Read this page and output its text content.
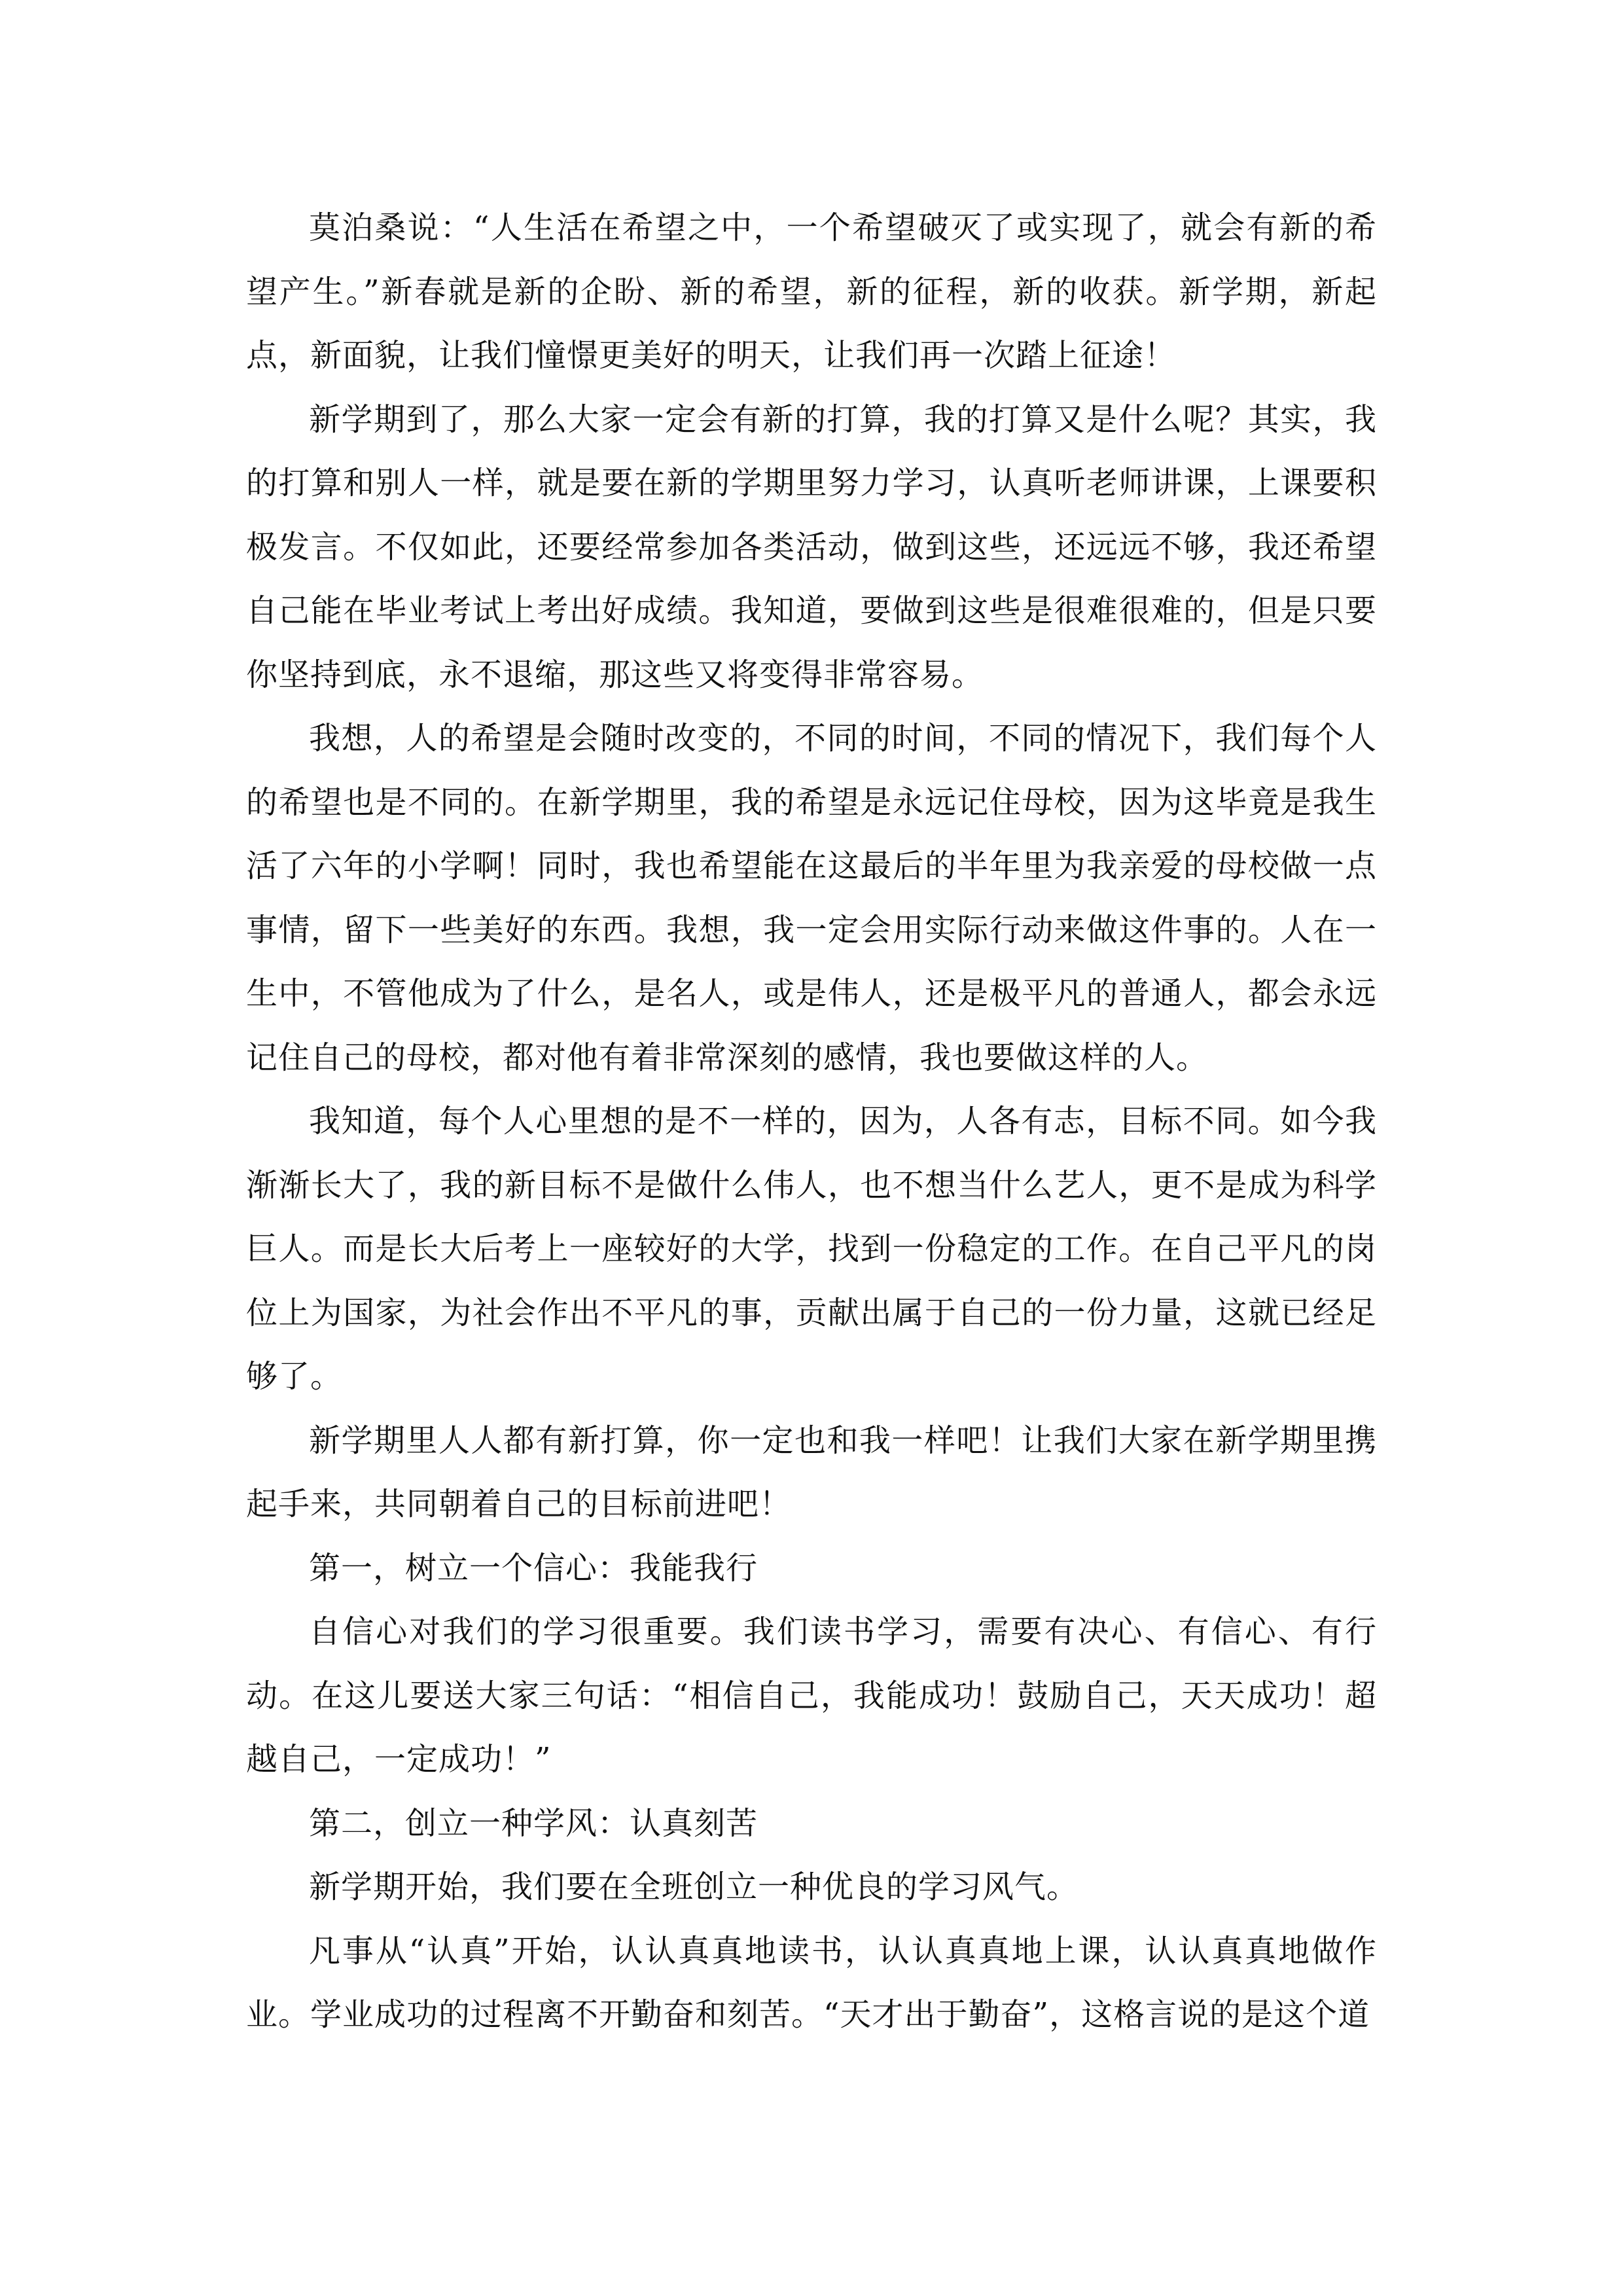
莫泊桑说：“人生活在希望之中，一个希望破灭了或实现了，就会有新的希望产生。”新春就是新的企盼、新的希望，新的征程，新的收获。新学期，新起点，新面貌，让我们憧憬更美好的明天，让我们再一次踏上征途！

新学期到了，那么大家一定会有新的打算，我的打算又是什么呢？其实，我的打算和别人一样，就是要在新的学期里努力学习，认真听老师讲课，上课要积极发言。不仅如此，还要经常参加各类活动，做到这些，还远远不够，我还希望自己能在毕业考试上考出好成绩。我知道，要做到这些是很难很难的，但是只要你坚持到底，永不退缩，那这些又将变得非常容易。

我想，人的希望是会随时改变的，不同的时间，不同的情况下，我们每个人的希望也是不同的。在新学期里，我的希望是永远记住母校，因为这毕竟是我生活了六年的小学啊！同时，我也希望能在这最后的半年里为我亲爱的母校做一点事情，留下一些美好的东西。我想，我一定会用实际行动来做这件事的。人在一生中，不管他成为了什么，是名人，或是伟人，还是极平凡的普通人，都会永远记住自己的母校，都对他有着非常深刻的感情，我也要做这样的人。

我知道，每个人心里想的是不一样的，因为，人各有志，目标不同。如今我渐渐长大了，我的新目标不是做什么伟人，也不想当什么艺人，更不是成为科学巨人。而是长大后考上一座较好的大学，找到一份稳定的工作。在自己平凡的岗位上为国家，为社会作出不平凡的事，贡献出属于自己的一份力量，这就已经足够了。

新学期里人人都有新打算，你一定也和我一样吧！让我们大家在新学期里携起手来，共同朝着自己的目标前进吧！

第一，树立一个信心：我能我行

自信心对我们的学习很重要。我们读书学习，需要有决心、有信心、有行动。在这儿要送大家三句话：“相信自己，我能成功！鼓励自己，天天成功！超越自己，一定成功！”

第二，创立一种学风：认真刻苦

新学期开始，我们要在全班创立一种优良的学习风气。

凡事从“认真”开始，认认真真地读书，认认真真地上课，认认真真地做作业。学业成功的过程离不开勤奋和刻苦。“天才出于勤奋”，这格言说的是这个道
